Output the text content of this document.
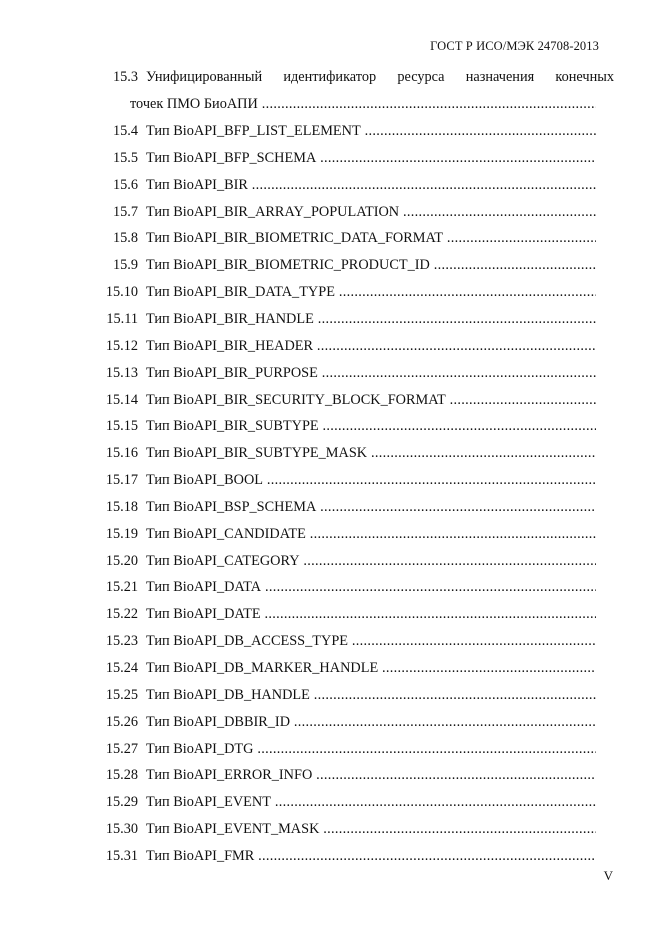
ГОСТ Р ИСО/МЭК 24708-2013
15.3 Унифицированный идентификатор ресурса назначения конечных
точек ПМО БиоАПИ .....
15.4 Тип BioAPI_BFP_LIST_ELEMENT .....
15.5 Тип BioAPI_BFP_SCHEMA .....
15.6 Тип BioAPI_BIR .....
15.7 Тип BioAPI_BIR_ARRAY_POPULATION .....
15.8 Тип BioAPI_BIR_BIOMETRIC_DATA_FORMAT .....
15.9 Тип BioAPI_BIR_BIOMETRIC_PRODUCT_ID .....
15.10 Тип BioAPI_BIR_DATA_TYPE .....
15.11 Тип BioAPI_BIR_HANDLE .....
15.12 Тип BioAPI_BIR_HEADER .....
15.13 Тип BioAPI_BIR_PURPOSE .....
15.14 Тип BioAPI_BIR_SECURITY_BLOCK_FORMAT .....
15.15 Тип BioAPI_BIR_SUBTYPE .....
15.16 Тип BioAPI_BIR_SUBTYPE_MASK .....
15.17 Тип BioAPI_BOOL .....
15.18 Тип BioAPI_BSP_SCHEMA .....
15.19 Тип BioAPI_CANDIDATE .....
15.20 Тип BioAPI_CATEGORY .....
15.21 Тип BioAPI_DATA .....
15.22 Тип BioAPI_DATE .....
15.23 Тип BioAPI_DB_ACCESS_TYPE .....
15.24 Тип BioAPI_DB_MARKER_HANDLE .....
15.25 Тип BioAPI_DB_HANDLE .....
15.26 Тип BioAPI_DBBIR_ID .....
15.27 Тип BioAPI_DTG .....
15.28 Тип BioAPI_ERROR_INFO .....
15.29 Тип BioAPI_EVENT .....
15.30 Тип BioAPI_EVENT_MASK .....
15.31 Тип BioAPI_FMR .....
V
